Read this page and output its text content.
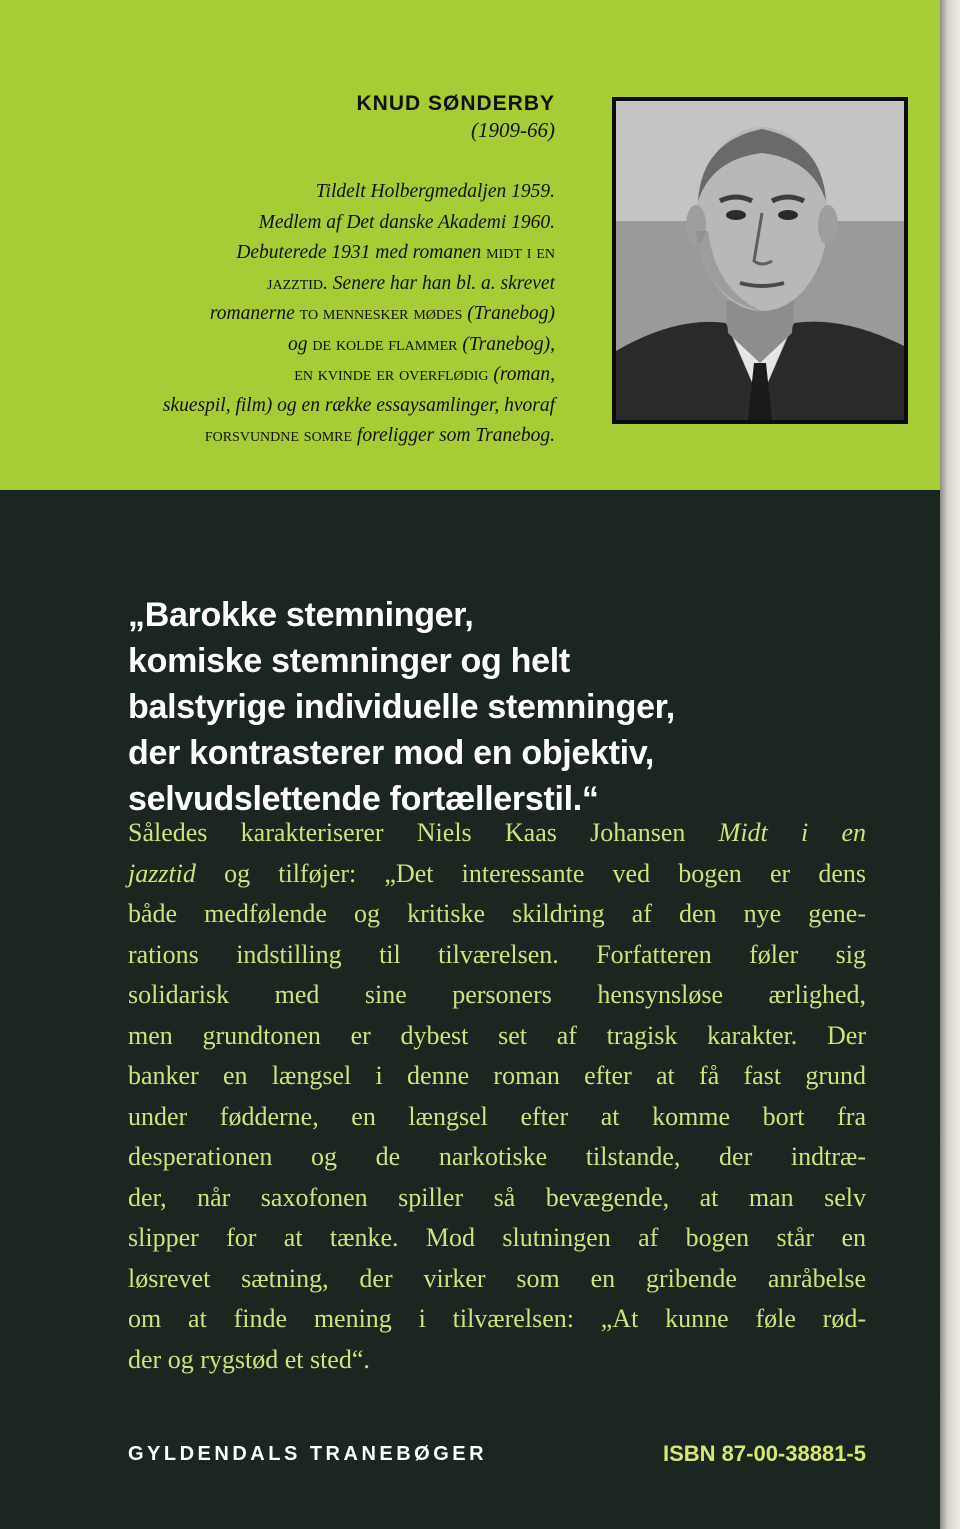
KNUD SØNDERBY
(1909-66)
Tildelt Holbergmedaljen 1959.
Medlem af Det danske Akademi 1960.
Debuterede 1931 med romanen midt i en
jazztid. Senere har han bl. a. skrevet
romanerne to mennesker mødes (Tranebog)
og de kolde flammer (Tranebog),
en kvinde er overflødig (roman,
skuespil, film) og en række essaysamlinger, hvoraf
forsvundne somre foreligger som Tranebog.
„Barokke stemninger,
komiske stemninger og helt
balstyrige individuelle stemninger,
der kontrasterer mod en objektiv,
selvudslettende fortællerstil.“
Således karakteriserer Niels Kaas Johansen Midt i en
jazztid og tilføjer: „Det interessante ved bogen er dens
både medfølende og kritiske skildring af den nye gene-
rations indstilling til tilværelsen. Forfatteren føler sig
solidarisk med sine personers hensynsløse ærlighed,
men grundtonen er dybest set af tragisk karakter. Der
banker en længsel i denne roman efter at få fast grund
under fødderne, en længsel efter at komme bort fra
desperationen og de narkotiske tilstande, der indtræ-
der, når saxofonen spiller så bevægende, at man selv
slipper for at tænke. Mod slutningen af bogen står en
løsrevet sætning, der virker som en gribende anråbelse
om at finde mening i tilværelsen: „At kunne føle rød-
der og rygstød et sted“.
GYLDENDALS TRANEBØGER	ISBN 87-00-38881-5
